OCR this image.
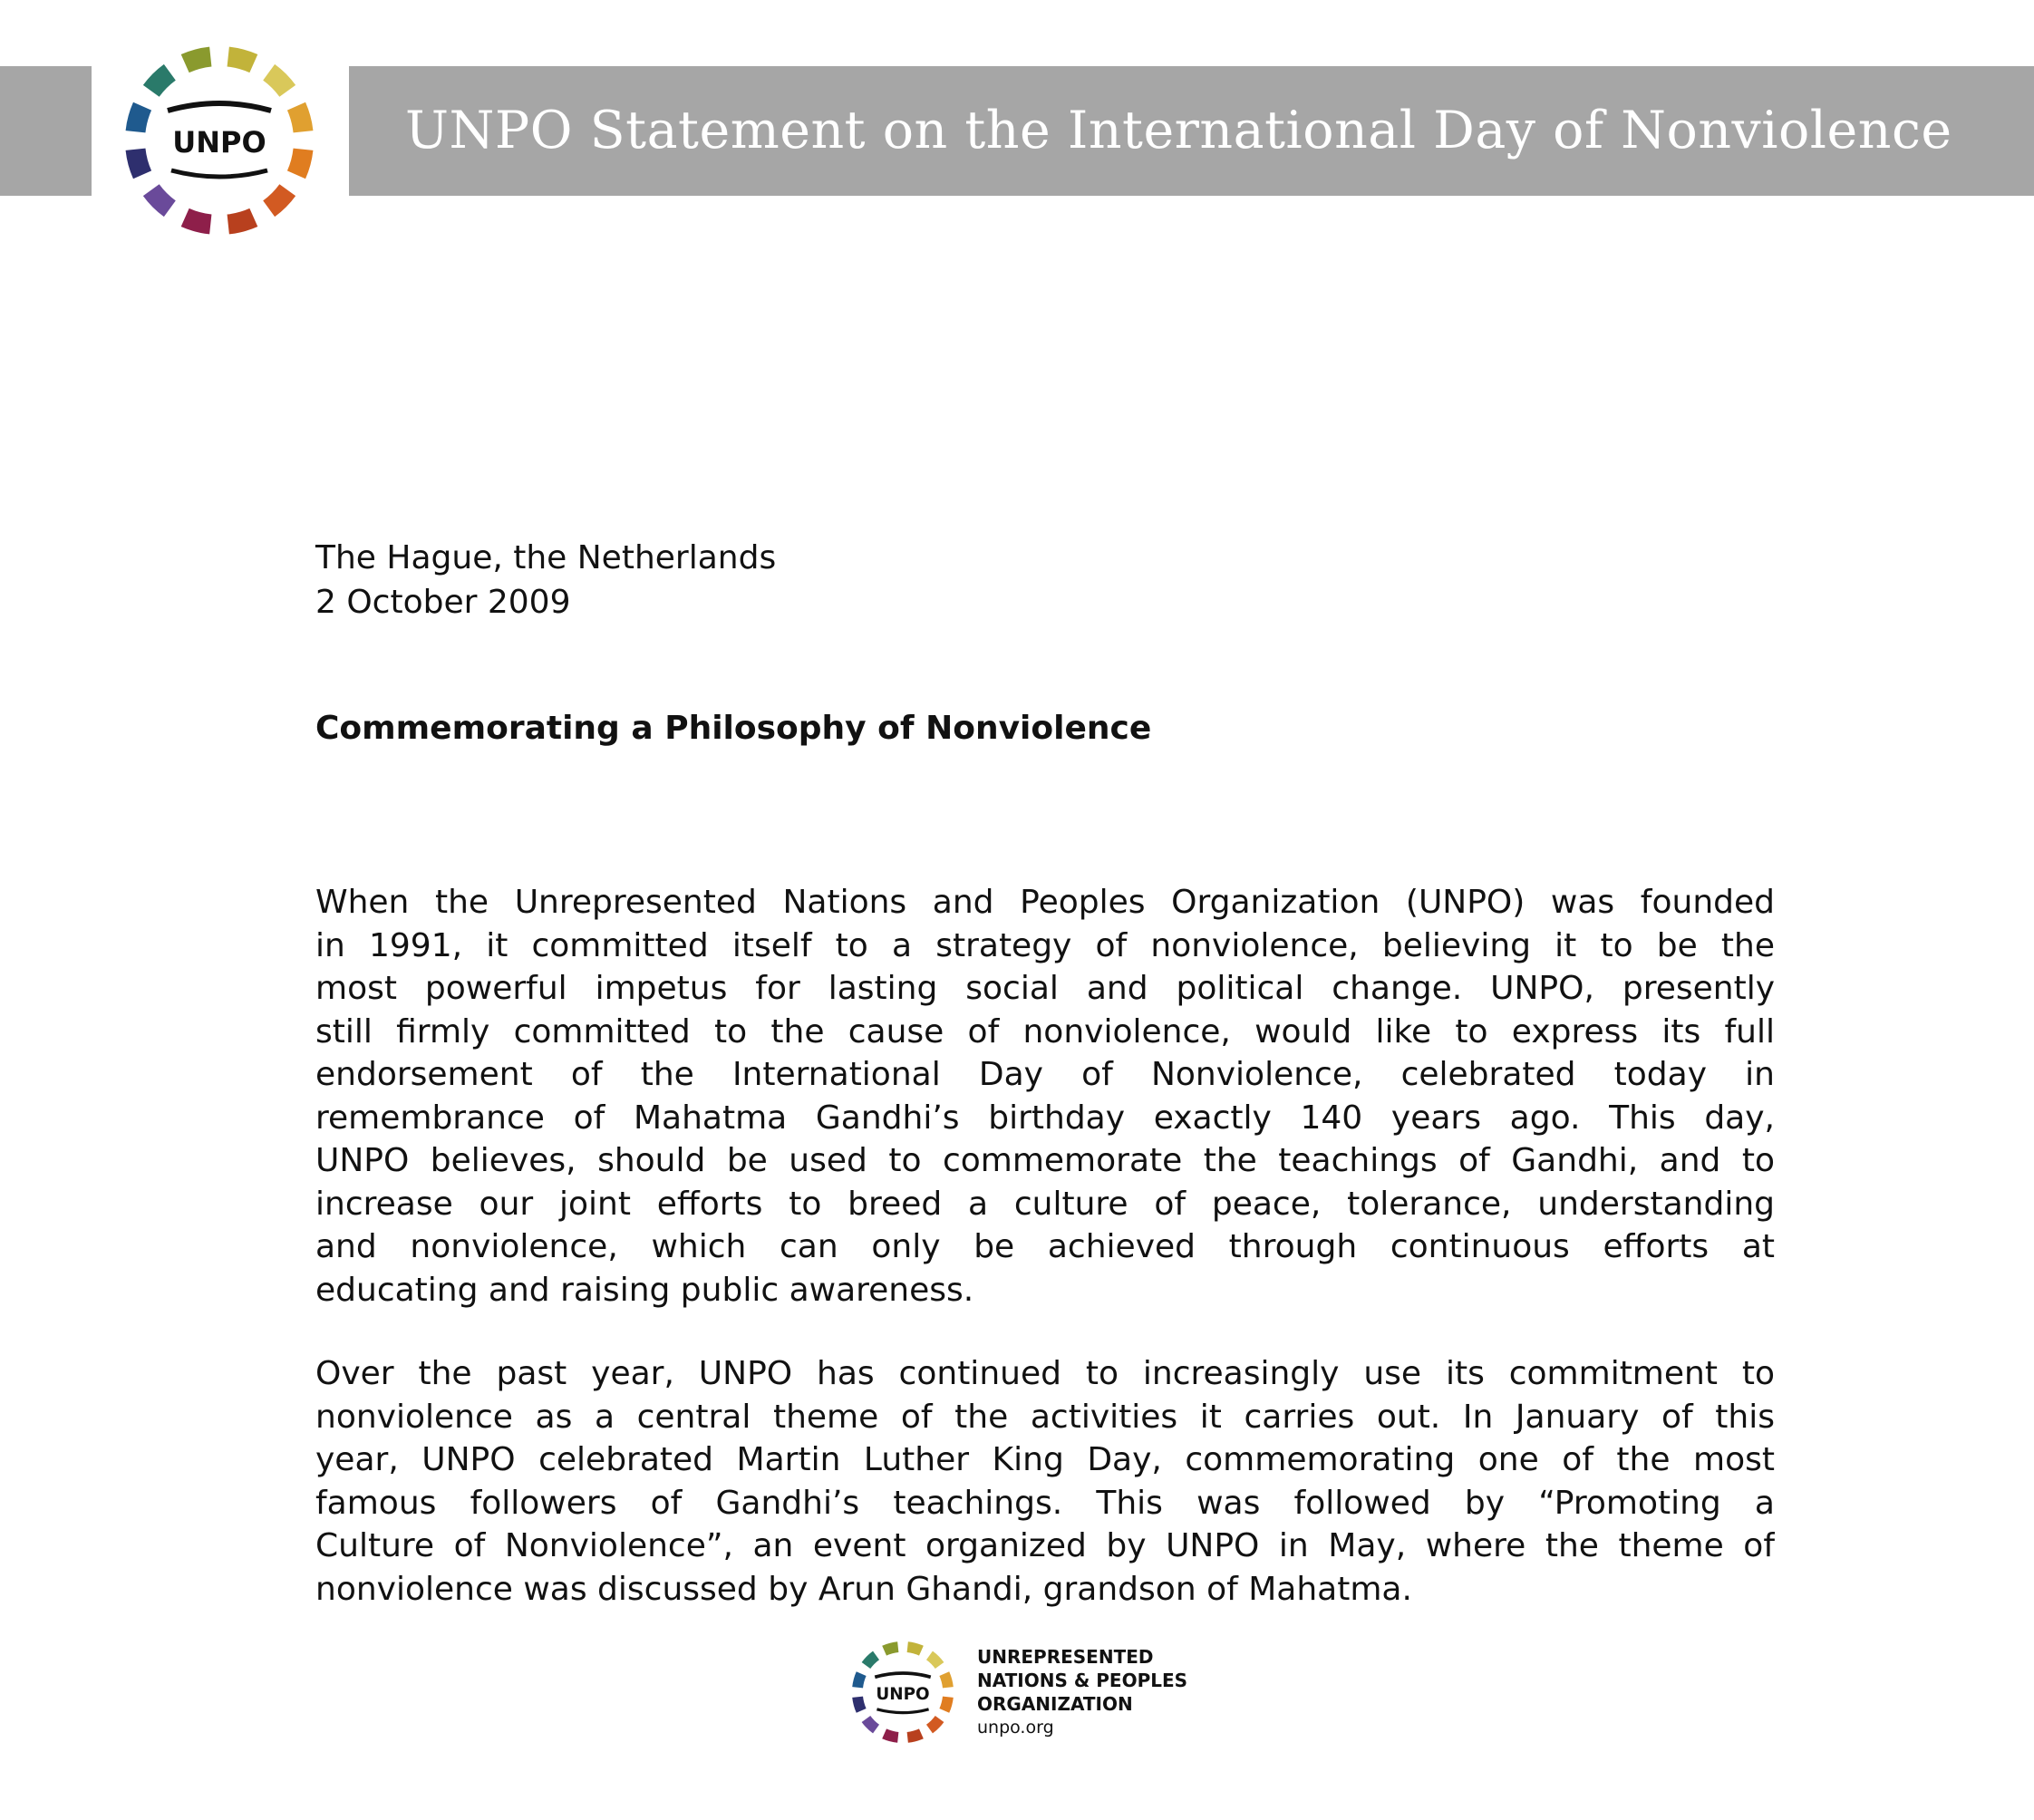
UNPO Statement on the International Day of Nonviolence
UNPO
The Hague, the Netherlands
2 October 2009
Commemorating a Philosophy of Nonviolence
When the Unrepresented Nations and Peoples Organization (UNPO) was founded
in 1991, it committed itself to a strategy of nonviolence, believing it to be the
most powerful impetus for lasting social and political change. UNPO, presently
still firmly committed to the cause of nonviolence, would like to express its full
endorsement of the International Day of Nonviolence, celebrated today in
remembrance of Mahatma Gandhi’s birthday exactly 140 years ago. This day,
UNPO believes, should be used to commemorate the teachings of Gandhi, and to
increase our joint efforts to breed a culture of peace, tolerance, understanding
and nonviolence, which can only be achieved through continuous efforts at
educating and raising public awareness.
Over the past year, UNPO has continued to increasingly use its commitment to
nonviolence as a central theme of the activities it carries out. In January of this
year, UNPO celebrated Martin Luther King Day, commemorating one of the most
famous followers of Gandhi’s teachings. This was followed by “Promoting a
Culture of Nonviolence”, an event organized by UNPO in May, where the theme of
nonviolence was discussed by Arun Ghandi, grandson of Mahatma.
UNPO
UNREPRESENTED
NATIONS & PEOPLES
ORGANIZATION
unpo.org
